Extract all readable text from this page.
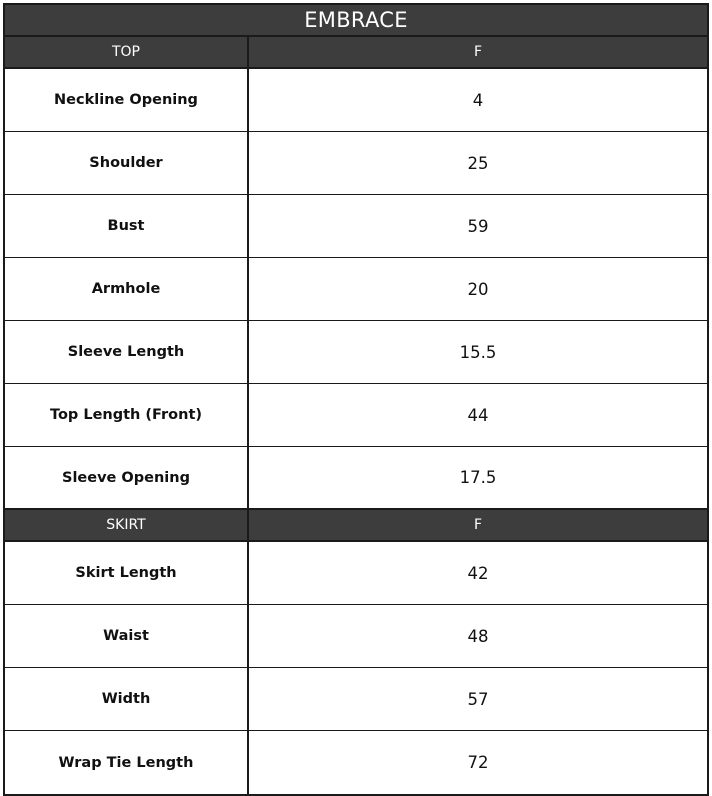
EMBRACE
TOP	F
Neckline Opening	4
Shoulder	25
Bust	59
Armhole	20
Sleeve Length	15.5
Top Length (Front)	44
Sleeve Opening	17.5
SKIRT	F
Skirt Length	42
Waist	48
Width	57
Wrap Tie Length	72
